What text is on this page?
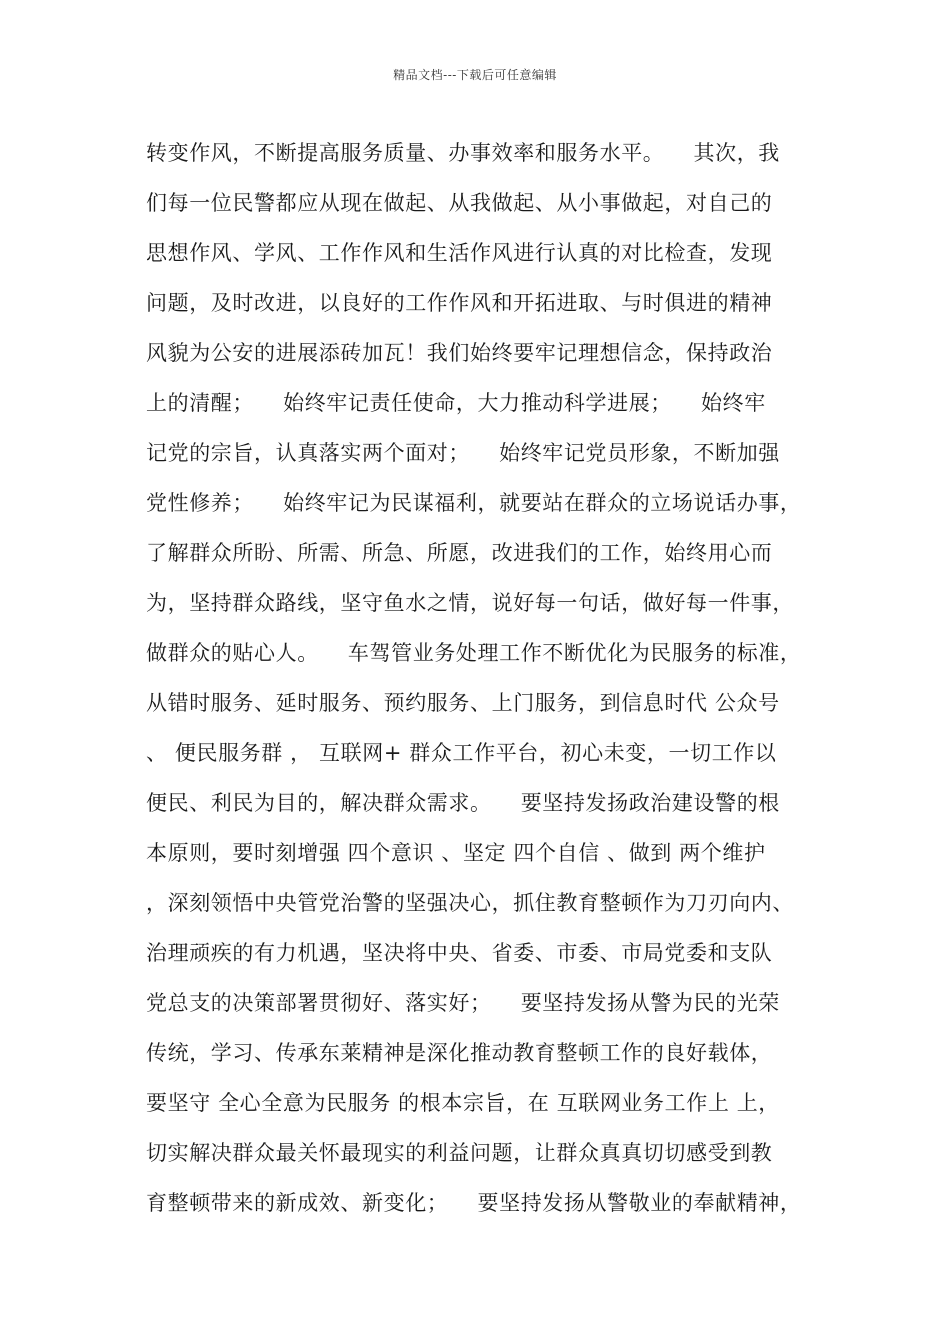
精品文档---下载后可任意编辑
转变作风，不断提高服务质量、办事效率和服务水平。    其次，我
们每一位民警都应从现在做起、从我做起、从小事做起，对自己的
思想作风、学风、工作作风和生活作风进行认真的对比检查，发现
问题，及时改进，以良好的工作作风和开拓进取、与时俱进的精神
风貌为公安的进展添砖加瓦！我们始终要牢记理想信念，保持政治
上的清醒；    始终牢记责任使命，大力推动科学进展；    始终牢
记党的宗旨，认真落实两个面对；    始终牢记党员形象，不断加强
党性修养；    始终牢记为民谋福利，就要站在群众的立场说话办事，
了解群众所盼、所需、所急、所愿，改进我们的工作，始终用心而
为，坚持群众路线，坚守鱼水之情，说好每一句话，做好每一件事，
做群众的贴心人。    车驾管业务处理工作不断优化为民服务的标准，
从错时服务、延时服务、预约服务、上门服务，到信息时代 公众号
、 便民服务群 ， 互联网+ 群众工作平台，初心未变，一切工作以
便民、利民为目的，解决群众需求。    要坚持发扬政治建设警的根
本原则，要时刻增强 四个意识 、坚定 四个自信 、做到 两个维护
，深刻领悟中央管党治警的坚强决心，抓住教育整顿作为刀刃向内、
治理顽疾的有力机遇，坚决将中央、省委、市委、市局党委和支队
党总支的决策部署贯彻好、落实好；    要坚持发扬从警为民的光荣
传统，学习、传承东莱精神是深化推动教育整顿工作的良好载体，
要坚守 全心全意为民服务 的根本宗旨，在 互联网业务工作上 上，
切实解决群众最关怀最现实的利益问题，让群众真真切切感受到教
育整顿带来的新成效、新变化；    要坚持发扬从警敬业的奉献精神，
